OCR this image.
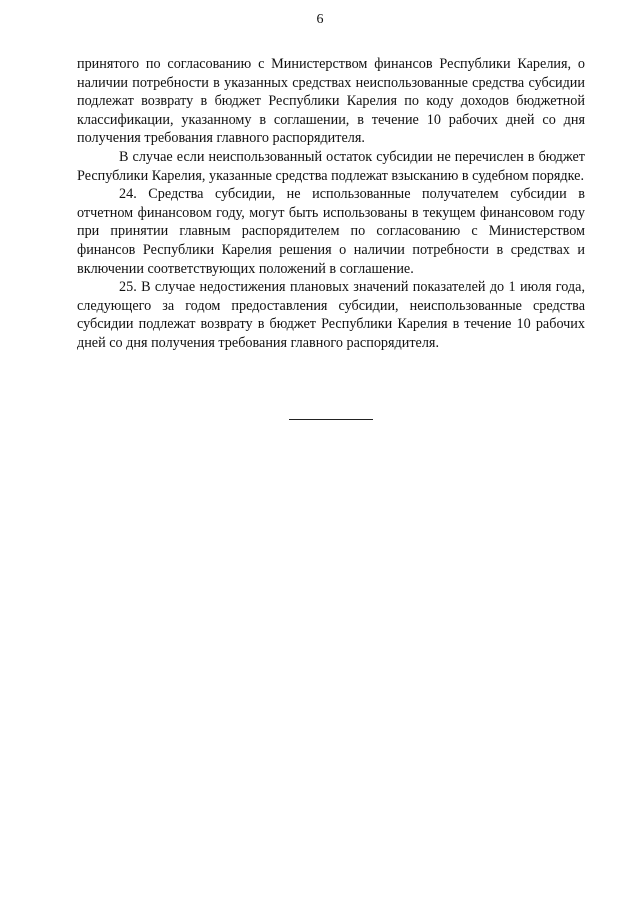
6

принятого по согласованию с Министерством финансов Республики Карелия, о наличии потребности в указанных средствах неиспользованные средства субсидии подлежат возврату в бюджет Республики Карелия по коду доходов бюджетной классификации, указанному в соглашении, в течение 10 рабочих дней со дня получения требования главного распорядителя.

В случае если неиспользованный остаток субсидии не перечислен в бюджет Республики Карелия, указанные средства подлежат взысканию в судебном порядке.

24. Средства субсидии, не использованные получателем субсидии в отчетном финансовом году, могут быть использованы в текущем финансовом году при принятии главным распорядителем по согласованию с Министерством финансов Республики Карелия решения о наличии потребности в средствах и включении соответствующих положений в соглашение.

25. В случае недостижения плановых значений показателей до 1 июля года, следующего за годом предоставления субсидии, неиспользованные средства субсидии подлежат возврату в бюджет Республики Карелия в течение 10 рабочих дней со дня получения требования главного распорядителя.
